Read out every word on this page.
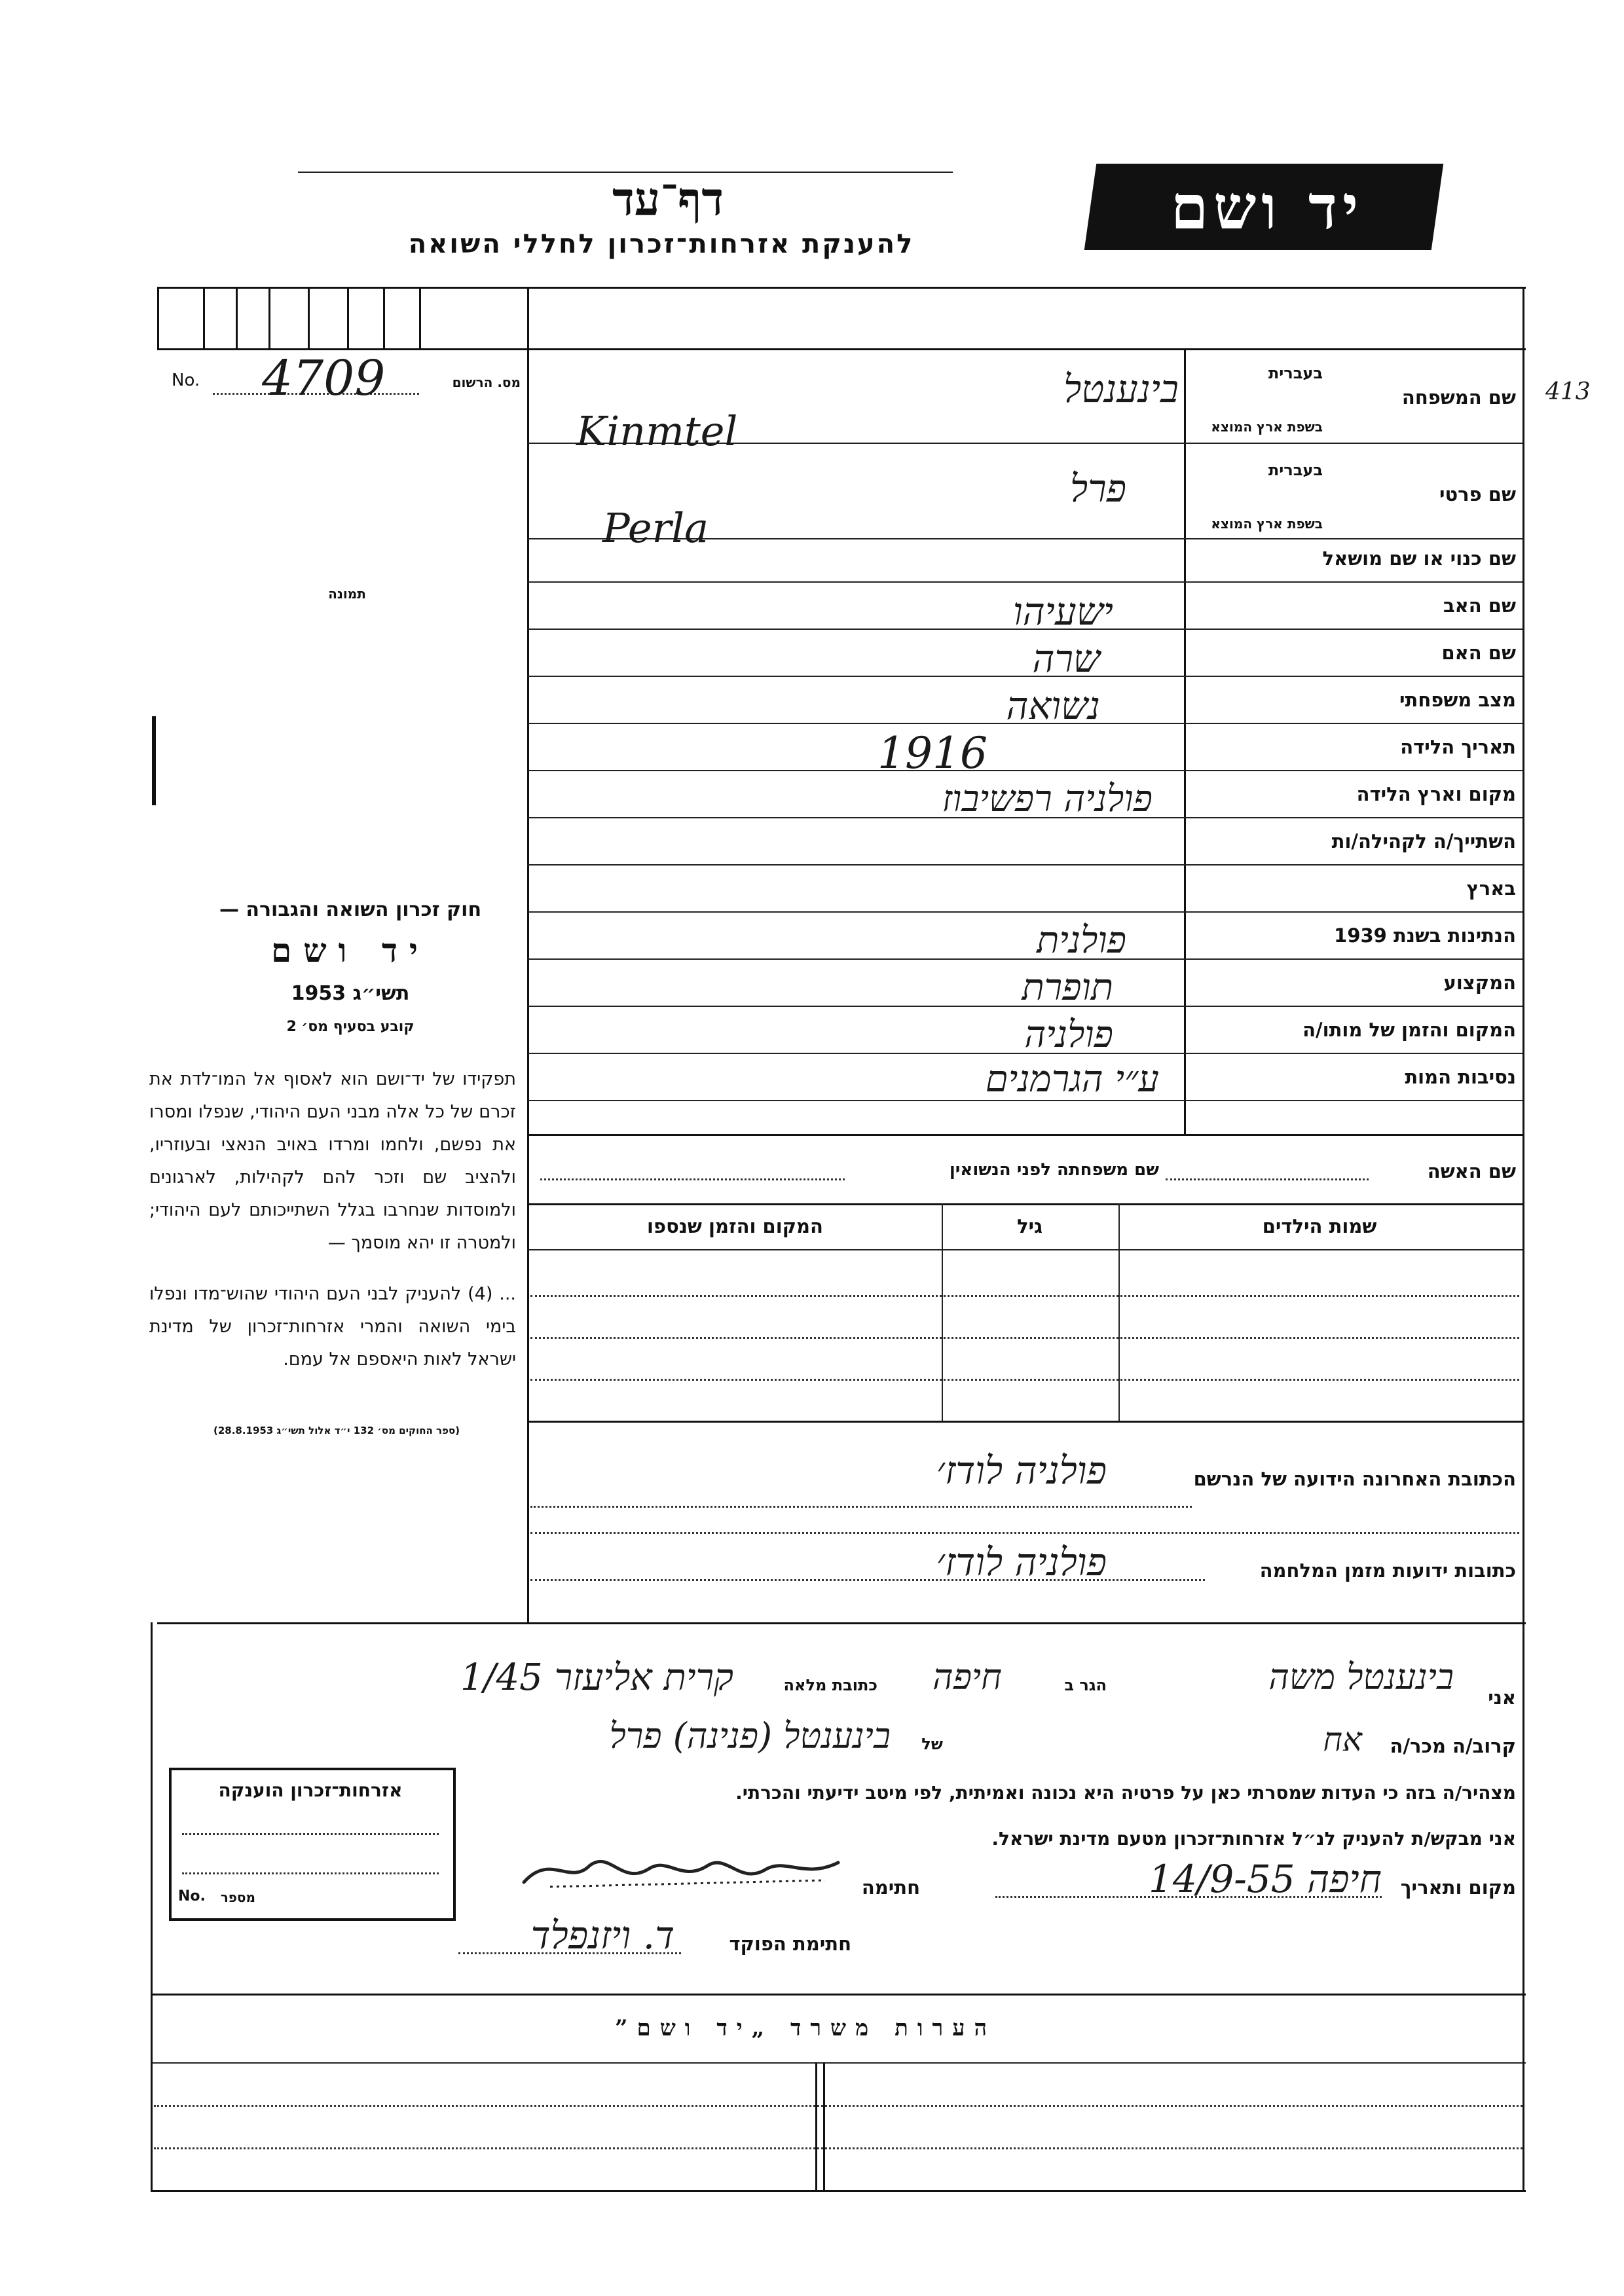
יד ושם
דף־עד
להענקת אזרחות־זכרון לחללי השואה
413
No. 4709	מס. הרשום
תמונה
שם המשפחה
בעברית
בשפת ארץ המוצא
בינענטל
Kinmtel
שם פרטי
בעברית
בשפת ארץ המוצא
פרל
Perla
שם כנוי או שם מושאל
שם האב
ישעיהו
שם האם
שרה
מצב משפחתי
נשואה
תאריך הלידה
1916
מקום וארץ הלידה
פולניה רפשיבוז
השתייך/ה לקהילה/ות
בארץ
הנתינות בשנת 1939
פולנית
המקצוע
תופרת
המקום והזמן של מותו/ה
פולניה
נסיבות המות
ע״י הגרמנים
שם האשה
שם משפחתה לפני הנשואין
שמות הילדים
גיל
המקום והזמן שנספו
חוק זכרון השואה והגבורה —
יד ושם
תשי״ג 1953
קובע בסעיף מס׳ 2
תפקידו של יד־ושם הוא לאסוף אל המו־לדת את זכרם של כל אלה מבני העם היהודי, שנפלו ומסרו את נפשם, ולחמו ומרדו באויב הנאצי ובעוזריו, ולהציב שם וזכר להם לקהילות, לארגונים ולמוסדות שנחרבו בגלל השתייכותם לעם היהודי; ולמטרה זו יהא מוסמך —
... (4) להעניק לבני העם היהודי שהוש־מדו ונפלו בימי השואה והמרי אזרחות־זכרון של מדינת ישראל לאות היאספם אל עמם.
(ספר החוקים מס׳ 132 י״ד אלול תשי״ג 28.8.1953)
הכתובת האחרונה הידועה של הנרשם
פולניה לודז׳
כתובות ידועות מזמן המלחמה
פולניה לודז׳
אני
בינענטל משה
הגר ב
חיפה
כתובת מלאה
קרית אליעזר 1/45
קרוב/ה מכר/ה
אח
של
בינענטל (פנינה) פרל
מצהיר/ה בזה כי העדות שמסרתי כאן על פרטיה היא נכונה ואמיתית, לפי מיטב ידיעתי והכרתי.
אני מבקש/ת להעניק לנ״ל אזרחות־זכרון מטעם מדינת ישראל.
מקום ותאריך
חיפה 14/9-55
חתימה
חתימת הפוקד
ד. ויזנפלד
אזרחות־זכרון הוענקה
No.	מספר
הערות משרד „יד ושם”
